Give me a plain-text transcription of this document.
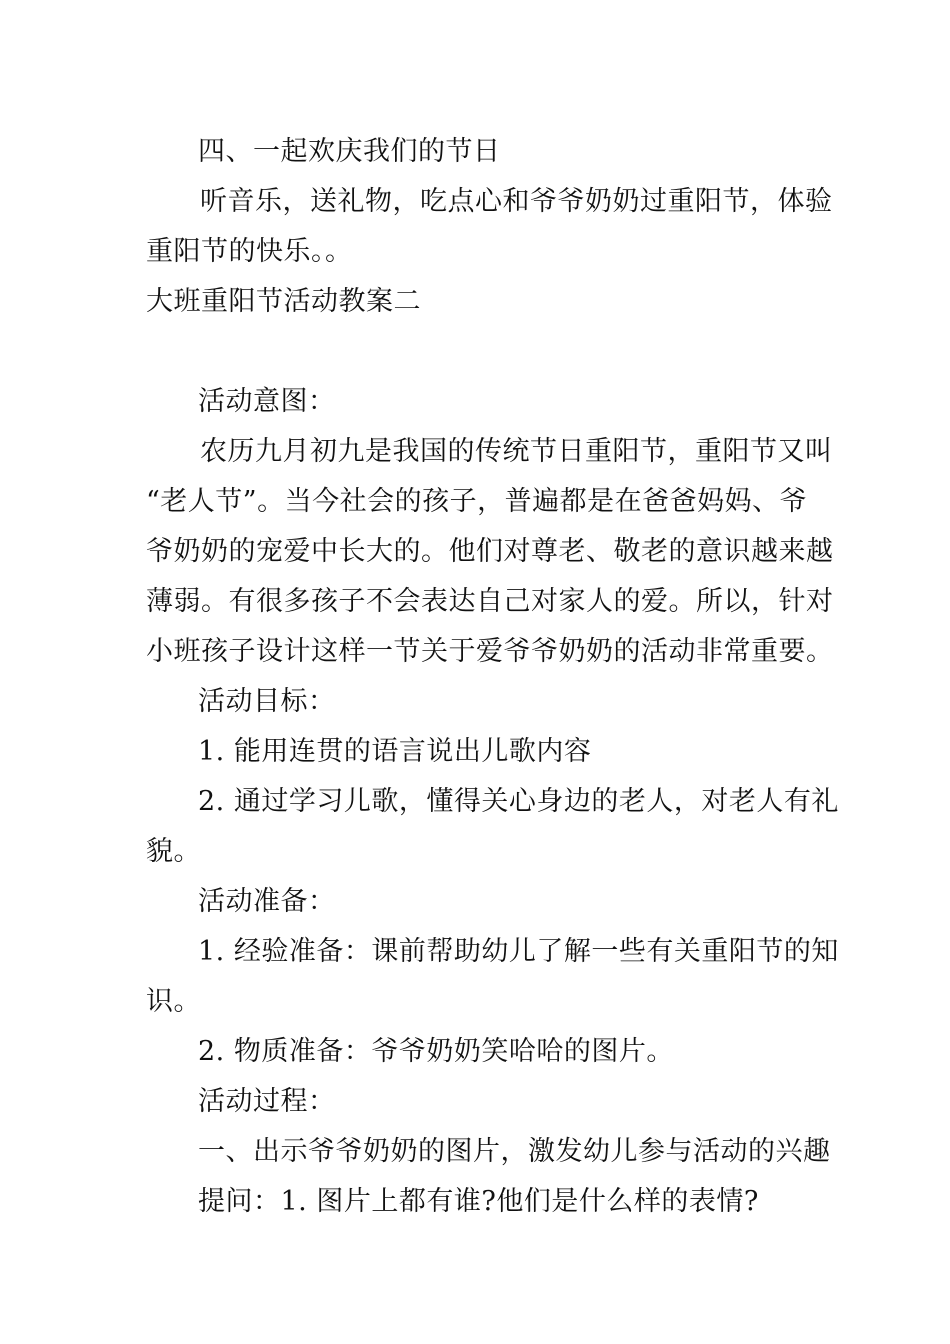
四、一起欢庆我们的节日
听音乐，送礼物，吃点心和爷爷奶奶过重阳节，体验
重阳节的快乐。。
大班重阳节活动教案二
活动意图：
农历九月初九是我国的传统节日重阳节，重阳节又叫
“老人节”。当今社会的孩子，普遍都是在爸爸妈妈、爷
爷奶奶的宠爱中长大的。他们对尊老、敬老的意识越来越
薄弱。有很多孩子不会表达自己对家人的爱。所以，针对
小班孩子设计这样一节关于爱爷爷奶奶的活动非常重要。
活动目标：
1. 能用连贯的语言说出儿歌内容
2. 通过学习儿歌，懂得关心身边的老人，对老人有礼
貌。
活动准备：
1. 经验准备：课前帮助幼儿了解一些有关重阳节的知
识。
2. 物质准备：爷爷奶奶笑哈哈的图片。
活动过程：
一、出示爷爷奶奶的图片，激发幼儿参与活动的兴趣
提问：1. 图片上都有谁?他们是什么样的表情?
